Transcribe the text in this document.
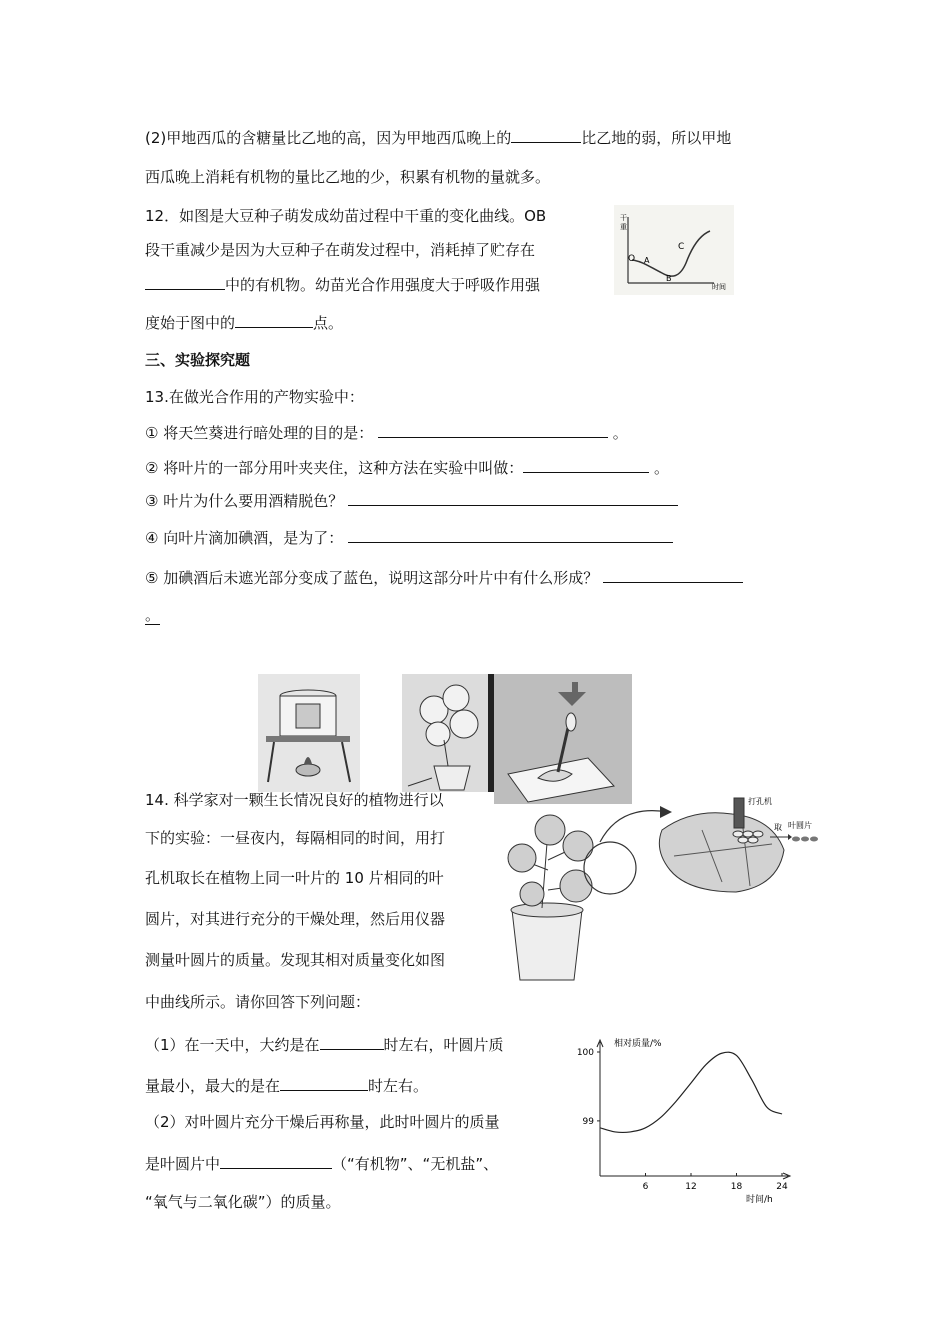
(2)甲地西瓜的含糖量比乙地的高，因为甲地西瓜晚上的	比乙地的弱，所以甲地
西瓜晚上消耗有机物的量比乙地的少，积累有机物的量就多。
12．如图是大豆种子萌发成幼苗过程中干重的变化曲线。OB
段干重减少是因为大豆种子在萌发过程中，消耗掉了贮存在
中的有机物。幼苗光合作用强度大于呼吸作用强
度始于图中的	点。
干
重
时间
O A
B
C
三、实验探究题
13.在做光合作用的产物实验中：
① 将天竺葵进行暗处理的目的是：	。
② 将叶片的一部分用叶夹夹住，这种方法在实验中叫做：	。
③ 叶片为什么要用酒精脱色？
④ 向叶片滴加碘酒，是为了：
⑤ 加碘酒后未遮光部分变成了蓝色，说明这部分叶片中有什么形成？
。
14. 科学家对一颗生长情况良好的植物进行以
下的实验：一昼夜内，每隔相同的时间，用打
孔机取长在植物上同一叶片的 10 片相同的叶
圆片，对其进行充分的干燥处理，然后用仪器
测量叶圆片的质量。发现其相对质量变化如图
中曲线所示。请你回答下列问题：
（1）在一天中，大约是在	时左右，叶圆片质
量最小，最大的是在	时左右。
（2）对叶圆片充分干燥后再称量，此时叶圆片的质量
是叶圆片中	（“有机物”、“无机盐”、
“氧气与二氧化碳”）的质量。
打孔机
取 叶圆片
相对质量/%
时间/h
99
100
6	12	18	24
